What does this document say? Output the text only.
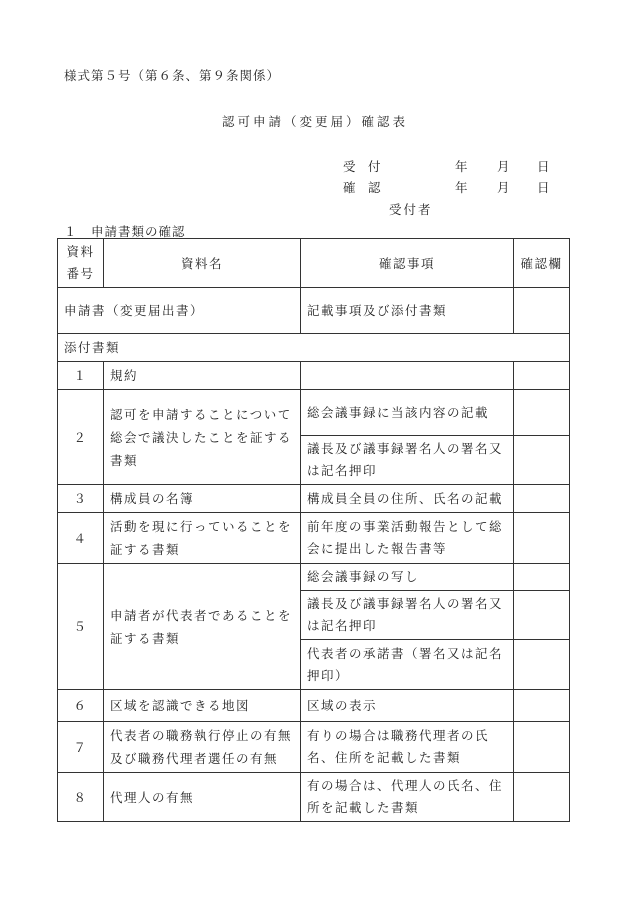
様式第５号（第６条、第９条関係）
認可申請（変更届）確認表
受　付	年 月 日
確　認	年 月 日
受付者
１　申請書類の確認
資料番号	資料名	確認事項	確認欄
申請書（変更届出書）		記載事項及び添付書類	
添付書類			
１	規約		
２	認可を申請することについて総会で議決したことを証する書類	総会議事録に当該内容の記載	
		議長及び議事録署名人の署名又は記名押印	
３	構成員の名簿	構成員全員の住所、氏名の記載	
４	活動を現に行っていることを証する書類	前年度の事業活動報告として総会に提出した報告書等	
５	申請者が代表者であることを証する書類	総会議事録の写し	
		議長及び議事録署名人の署名又は記名押印	
		代表者の承諾書（署名又は記名押印）	
６	区域を認識できる地図	区域の表示	
７	代表者の職務執行停止の有無及び職務代理者選任の有無	有りの場合は職務代理者の氏名、住所を記載した書類	
８	代理人の有無	有の場合は、代理人の氏名、住所を記載した書類	
